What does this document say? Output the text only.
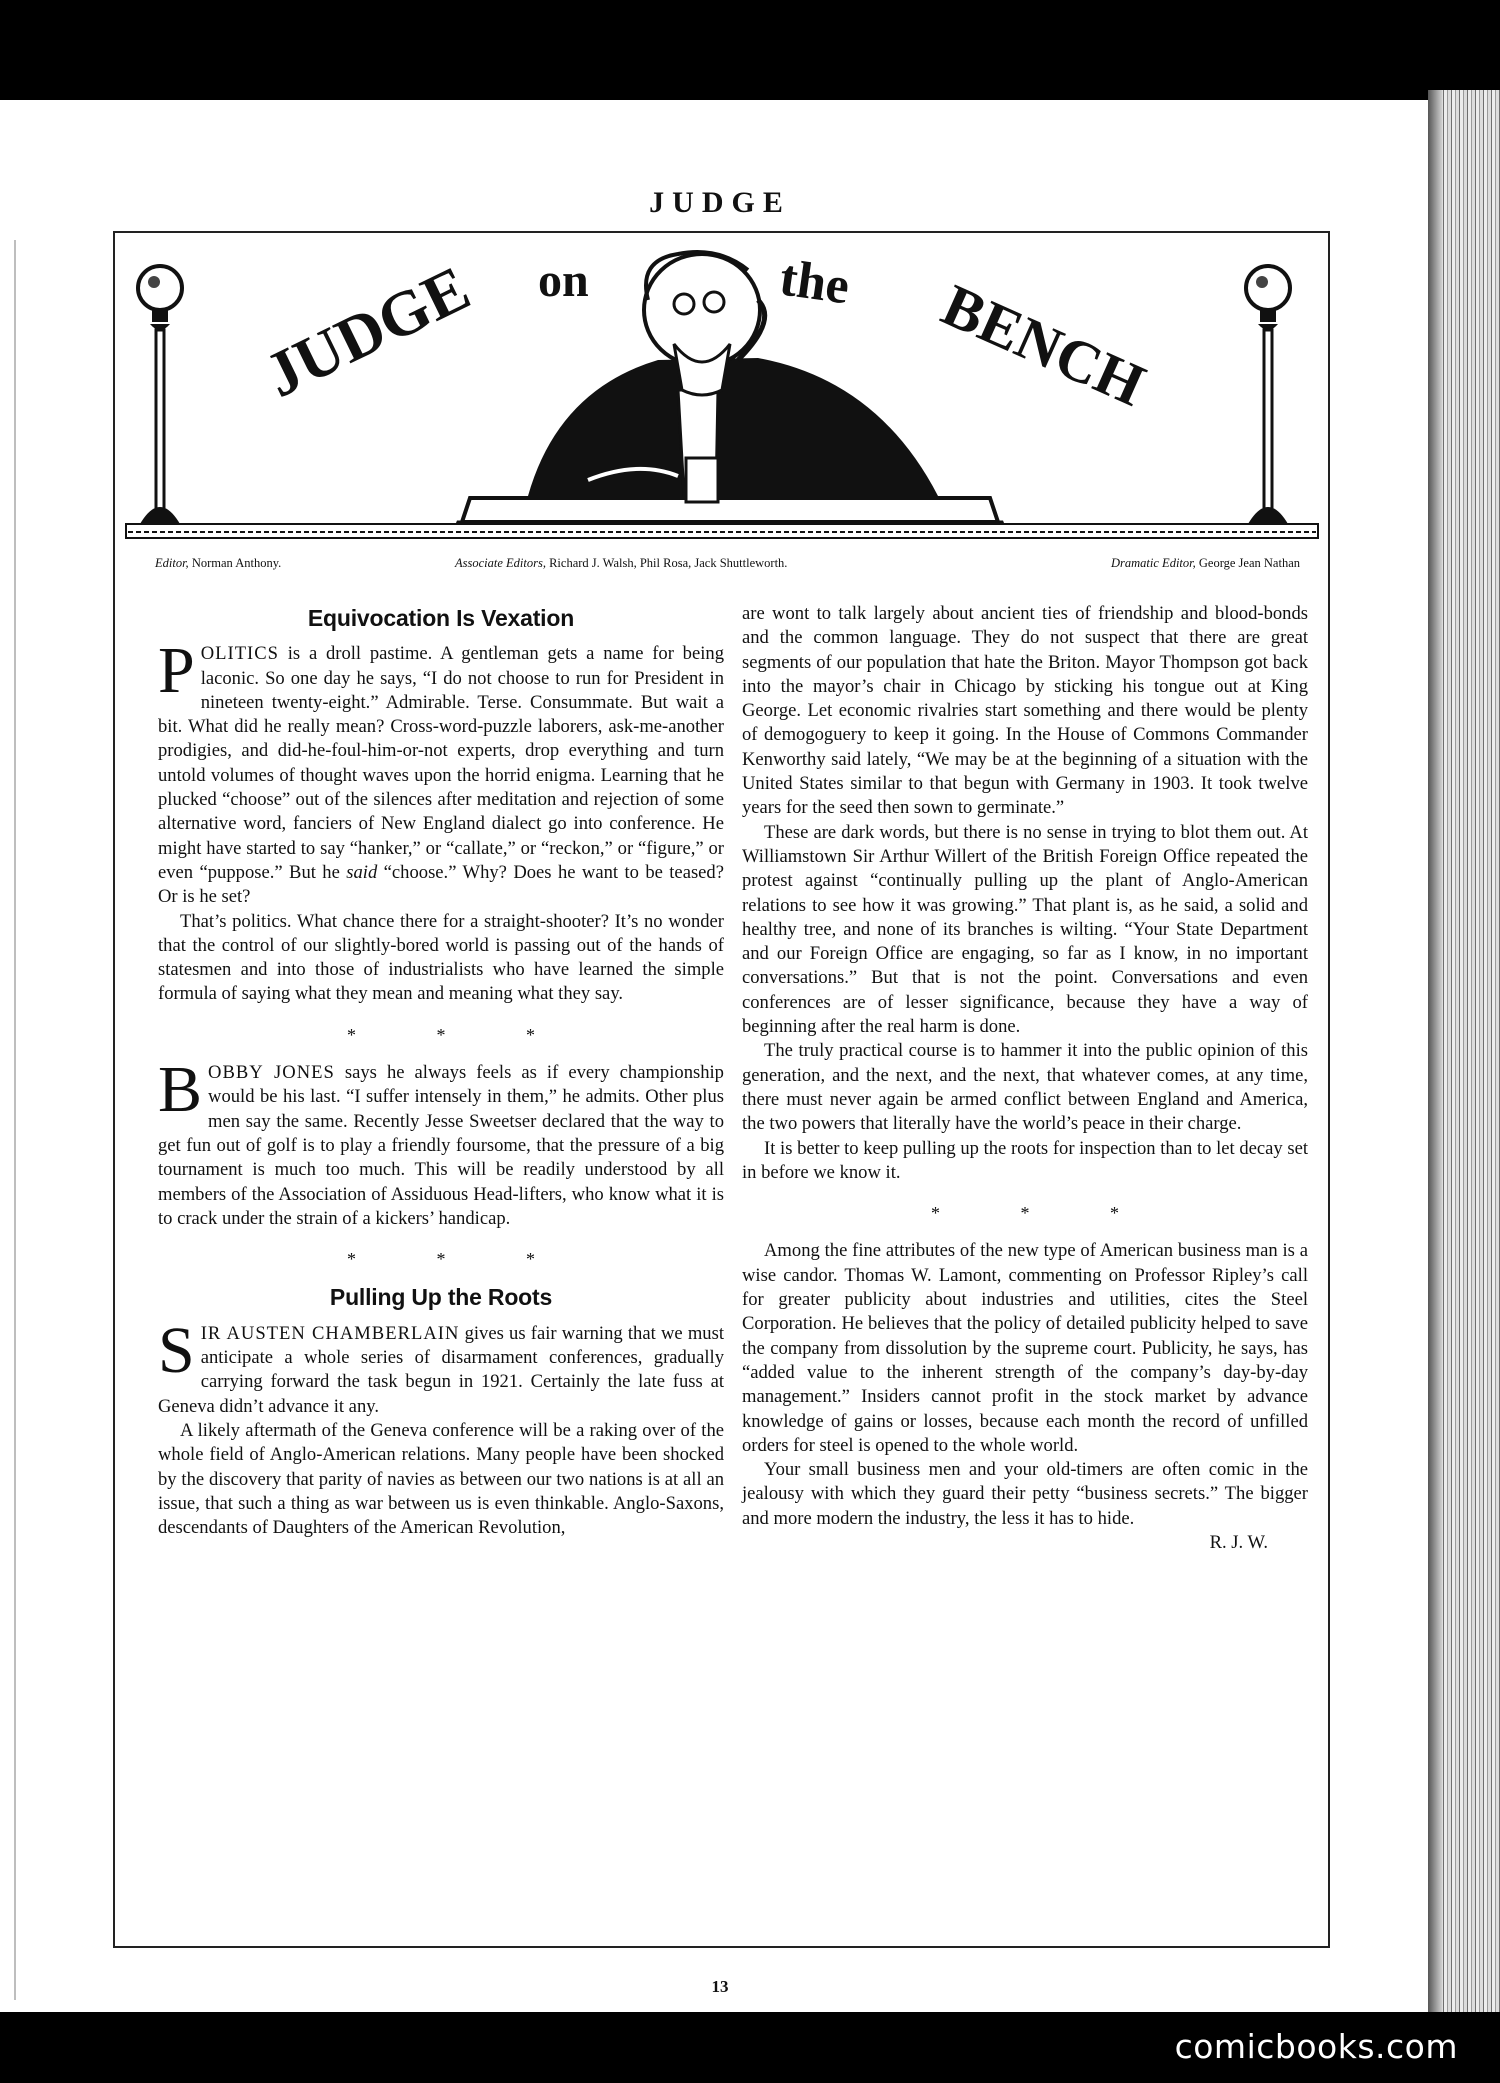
JUDGE
JUDGE on	the BENCH
Editor, Norman Anthony.	Associate Editors, Richard J. Walsh, Phil Rosa, Jack Shuttleworth.	Dramatic Editor, George Jean Nathan
Equivocation Is Vexation

POLITICS is a droll pastime. A gentleman gets a name for being laconic. So one day he says, “I do not choose to run for President in nineteen twenty-eight.” Admirable. Terse. Consummate. But wait a bit. What did he really mean? Cross-word-puzzle laborers, ask-me-another prodigies, and did-he-foul-him-or-not experts, drop everything and turn untold volumes of thought waves upon the horrid enigma. Learning that he plucked “choose” out of the silences after meditation and rejection of some alternative word, fanciers of New England dialect go into conference. He might have started to say “hanker,” or “callate,” or “reckon,” or “figure,” or even “puppose.” But he said “choose.” Why? Does he want to be teased? Or is he set?

That’s politics. What chance there for a straight-shooter? It’s no wonder that the control of our slightly-bored world is passing out of the hands of statesmen and into those of industrialists who have learned the simple formula of saying what they mean and meaning what they say.

* * *

BOBBY JONES says he always feels as if every championship would be his last. “I suffer intensely in them,” he admits. Other plus men say the same. Recently Jesse Sweetser declared that the way to get fun out of golf is to play a friendly foursome, that the pressure of a big tournament is much too much. This will be readily understood by all members of the Association of Assiduous Head-lifters, who know what it is to crack under the strain of a kickers’ handicap.

* * *
Pulling Up the Roots

SIR AUSTEN CHAMBERLAIN gives us fair warning that we must anticipate a whole series of disarmament conferences, gradually carrying forward the task begun in 1921. Certainly the late fuss at Geneva didn’t advance it any.

A likely aftermath of the Geneva conference will be a raking over of the whole field of Anglo-American relations. Many people have been shocked by the discovery that parity of navies as between our two nations is at all an issue, that such a thing as war between us is even thinkable. Anglo-Saxons, descendants of Daughters of the American Revolution,

are wont to talk largely about ancient ties of friendship and blood-bonds and the common language. They do not suspect that there are great segments of our population that hate the Briton. Mayor Thompson got back into the mayor’s chair in Chicago by sticking his tongue out at King George. Let economic rivalries start something and there would be plenty of demogoguery to keep it going. In the House of Commons Commander Kenworthy said lately, “We may be at the beginning of a situation with the United States similar to that begun with Germany in 1903. It took twelve years for the seed then sown to germinate.”

These are dark words, but there is no sense in trying to blot them out. At Williamstown Sir Arthur Willert of the British Foreign Office repeated the protest against “continually pulling up the plant of Anglo-American relations to see how it was growing.” That plant is, as he said, a solid and healthy tree, and none of its branches is wilting. “Your State Department and our Foreign Office are engaging, so far as I know, in no important conversations.” But that is not the point. Conversations and even conferences are of lesser significance, because they have a way of beginning after the real harm is done.

The truly practical course is to hammer it into the public opinion of this generation, and the next, and the next, that whatever comes, at any time, there must never again be armed conflict between England and America, the two powers that literally have the world’s peace in their charge.

It is better to keep pulling up the roots for inspection than to let decay set in before we know it.

* * *

Among the fine attributes of the new type of American business man is a wise candor. Thomas W. Lamont, commenting on Professor Ripley’s call for greater publicity about industries and utilities, cites the Steel Corporation. He believes that the policy of detailed publicity helped to save the company from dissolution by the supreme court. Publicity, he says, has “added value to the inherent strength of the company’s day-by-day management.” Insiders cannot profit in the stock market by advance knowledge of gains or losses, because each month the record of unfilled orders for steel is opened to the whole world.

Your small business men and your old-timers are often comic in the jealousy with which they guard their petty “business secrets.” The bigger and more modern the industry, the less it has to hide.

R. J. W.
13
comicbooks.com
